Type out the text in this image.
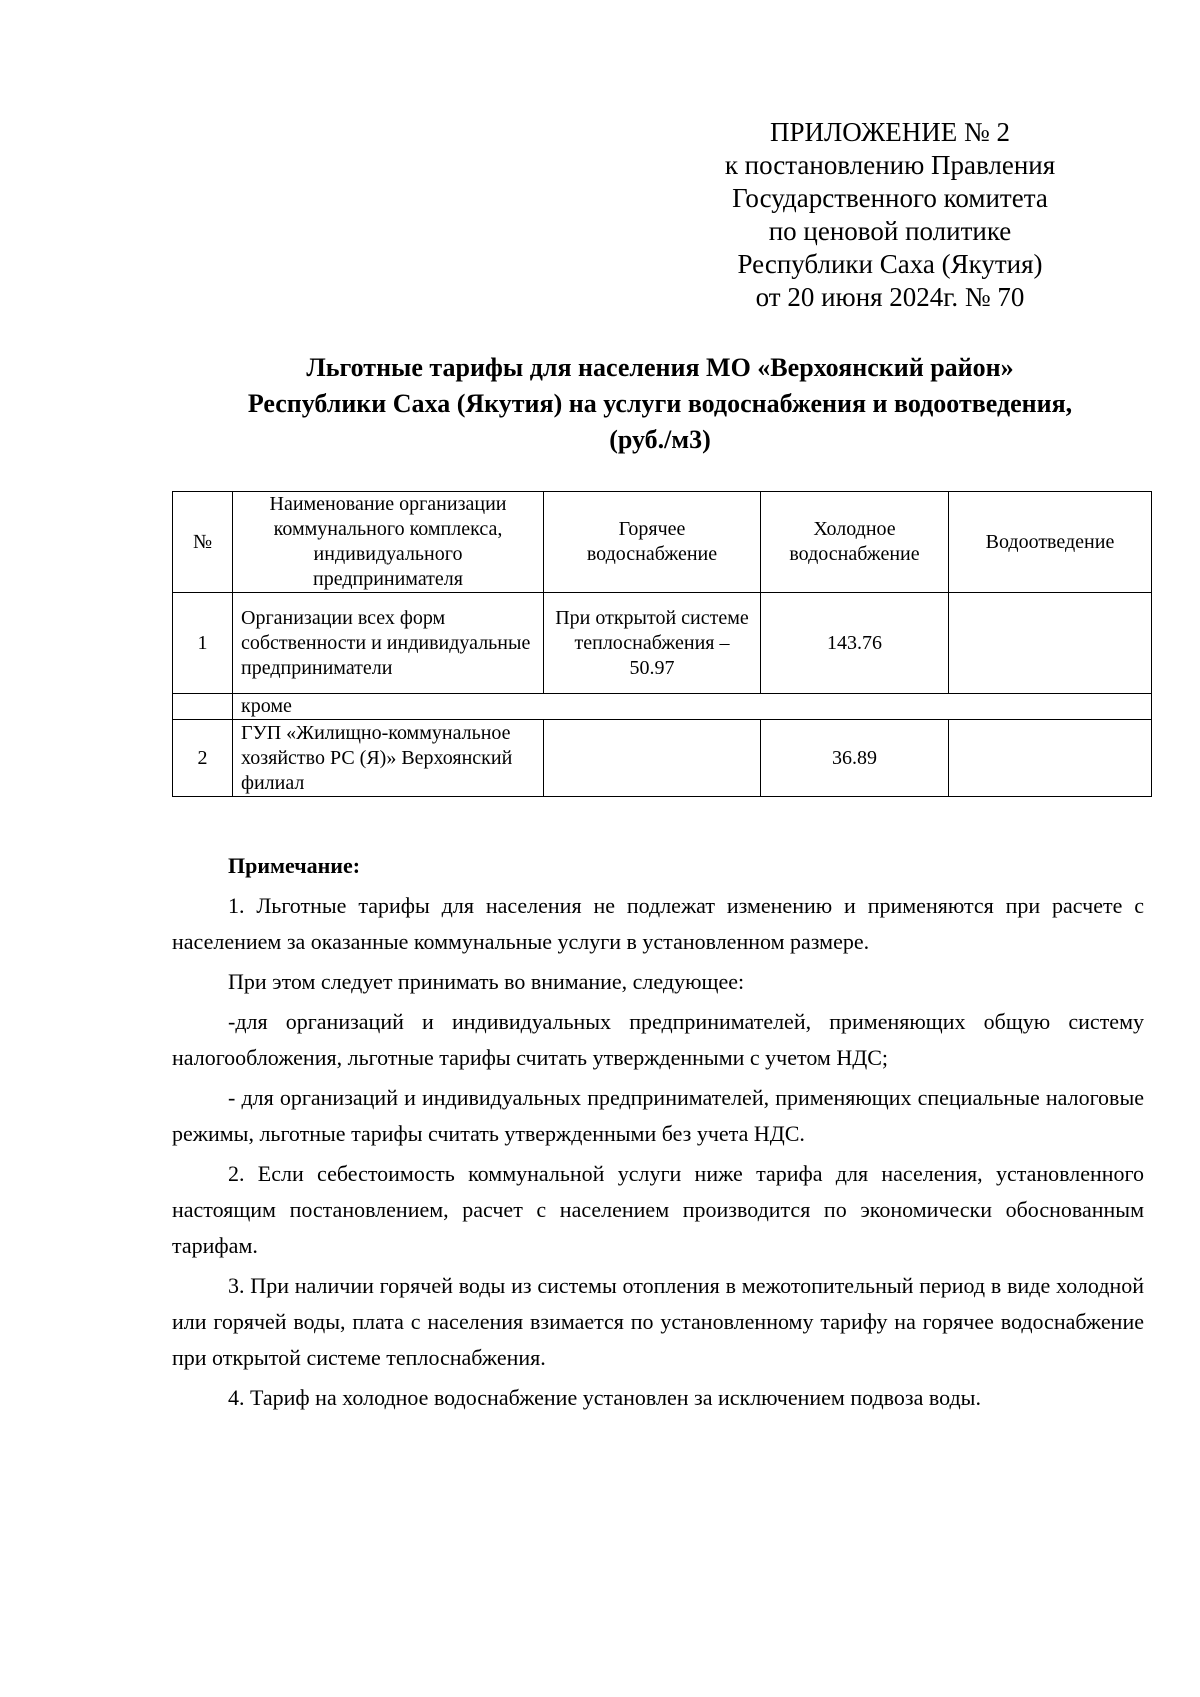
ПРИЛОЖЕНИЕ № 2
к постановлению Правления
Государственного комитета
по ценовой политике
Республики Саха (Якутия)
от 20 июня 2024г. № 70
Льготные тарифы для населения МО «Верхоянский район»
Республики Саха (Якутия) на услуги водоснабжения и водоотведения,
(руб./м3)
№	Наименование организации коммунального комплекса, индивидуального предпринимателя	Горячее водоснабжение	Холодное водоснабжение	Водоотведение
1	Организации всех форм собственности и индивидуальные предприниматели	При открытой системе теплоснабжения – 50.97	143.76	
	кроме			
2	ГУП «Жилищно-коммунальное хозяйство РС (Я)» Верхоянский филиал		36.89	
Примечание:

1. Льготные тарифы для населения не подлежат изменению и применяются при расчете с населением за оказанные коммунальные услуги в установленном размере.

При этом следует принимать во внимание, следующее:

-для организаций и индивидуальных предпринимателей, применяющих общую систему налогообложения, льготные тарифы считать утвержденными с учетом НДС;

- для организаций и индивидуальных предпринимателей, применяющих специальные налоговые режимы, льготные тарифы считать утвержденными без учета НДС.

2. Если себестоимость коммунальной услуги ниже тарифа для населения, установленного настоящим постановлением, расчет с населением производится по экономически обоснованным тарифам.

3. При наличии горячей воды из системы отопления в межотопительный период в виде холодной или горячей воды, плата с населения взимается по установленному тарифу на горячее водоснабжение при открытой системе теплоснабжения.

4. Тариф на холодное водоснабжение установлен за исключением подвоза воды.
